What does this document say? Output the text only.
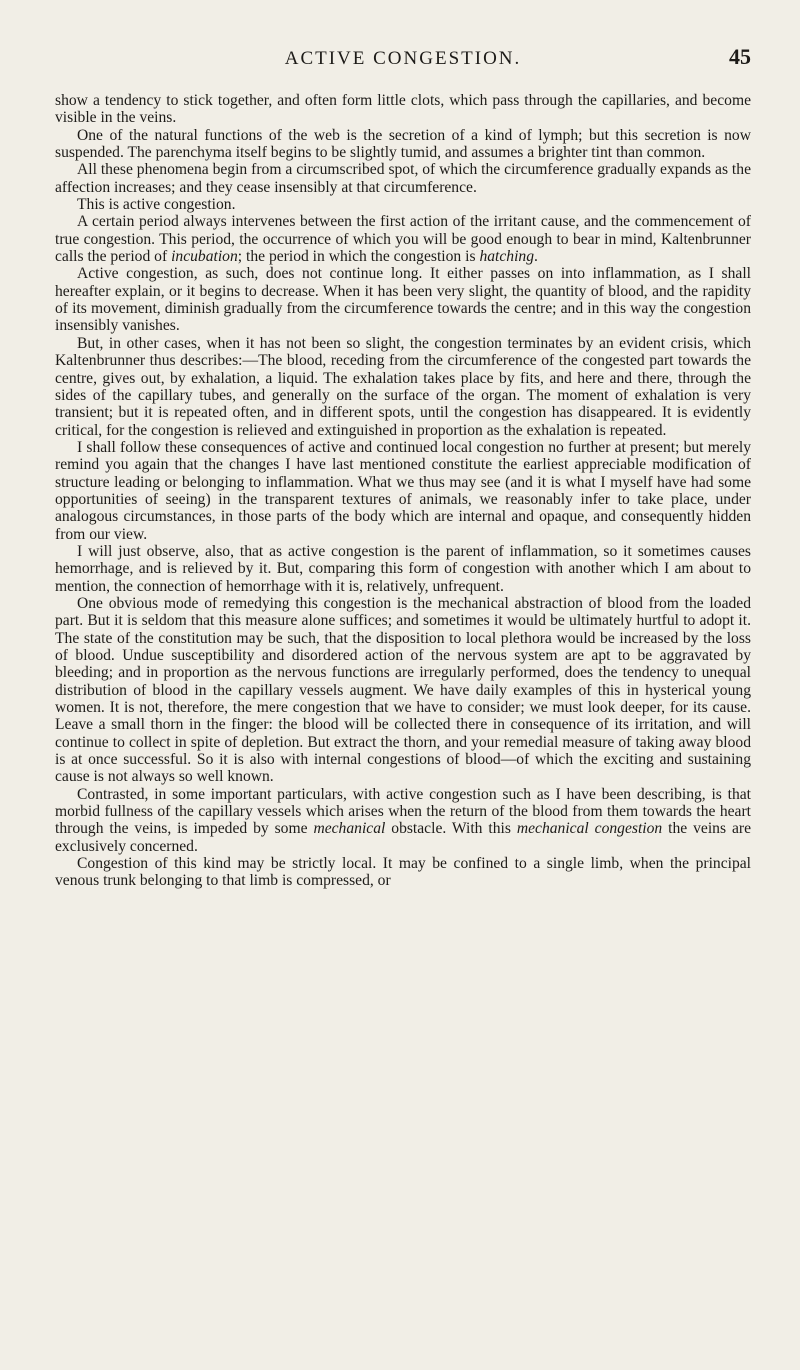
ACTIVE CONGESTION.	45

show a tendency to stick together, and often form little clots, which pass through the capillaries, and become visible in the veins.

One of the natural functions of the web is the secretion of a kind of lymph; but this secretion is now suspended. The parenchyma itself begins to be slightly tumid, and assumes a brighter tint than common.

All these phenomena begin from a circumscribed spot, of which the circumference gradually expands as the affection increases; and they cease insensibly at that circumference.

This is active congestion.

A certain period always intervenes between the first action of the irritant cause, and the commencement of true congestion. This period, the occurrence of which you will be good enough to bear in mind, Kaltenbrunner calls the period of incubation; the period in which the congestion is hatching.

Active congestion, as such, does not continue long. It either passes on into inflammation, as I shall hereafter explain, or it begins to decrease. When it has been very slight, the quantity of blood, and the rapidity of its movement, diminish gradually from the circumference towards the centre; and in this way the congestion insensibly vanishes.

But, in other cases, when it has not been so slight, the congestion terminates by an evident crisis, which Kaltenbrunner thus describes:—The blood, receding from the circumference of the congested part towards the centre, gives out, by exhalation, a liquid. The exhalation takes place by fits, and here and there, through the sides of the capillary tubes, and generally on the surface of the organ. The moment of exhalation is very transient; but it is repeated often, and in different spots, until the congestion has disappeared. It is evidently critical, for the congestion is relieved and extinguished in proportion as the exhalation is repeated.

I shall follow these consequences of active and continued local congestion no further at present; but merely remind you again that the changes I have last mentioned constitute the earliest appreciable modification of structure leading or belonging to inflammation. What we thus may see (and it is what I myself have had some opportunities of seeing) in the transparent textures of animals, we reasonably infer to take place, under analogous circumstances, in those parts of the body which are internal and opaque, and consequently hidden from our view.

I will just observe, also, that as active congestion is the parent of inflammation, so it sometimes causes hemorrhage, and is relieved by it. But, comparing this form of congestion with another which I am about to mention, the connection of hemorrhage with it is, relatively, unfrequent.

One obvious mode of remedying this congestion is the mechanical abstraction of blood from the loaded part. But it is seldom that this measure alone suffices; and sometimes it would be ultimately hurtful to adopt it. The state of the constitution may be such, that the disposition to local plethora would be increased by the loss of blood. Undue susceptibility and disordered action of the nervous system are apt to be aggravated by bleeding; and in proportion as the nervous functions are irregularly performed, does the tendency to unequal distribution of blood in the capillary vessels augment. We have daily examples of this in hysterical young women. It is not, therefore, the mere congestion that we have to consider; we must look deeper, for its cause. Leave a small thorn in the finger: the blood will be collected there in consequence of its irritation, and will continue to collect in spite of depletion. But extract the thorn, and your remedial measure of taking away blood is at once successful. So it is also with internal congestions of blood—of which the exciting and sustaining cause is not always so well known.

Contrasted, in some important particulars, with active congestion such as I have been describing, is that morbid fullness of the capillary vessels which arises when the return of the blood from them towards the heart through the veins, is impeded by some mechanical obstacle. With this mechanical congestion the veins are exclusively concerned.

Congestion of this kind may be strictly local. It may be confined to a single limb, when the principal venous trunk belonging to that limb is compressed, or
